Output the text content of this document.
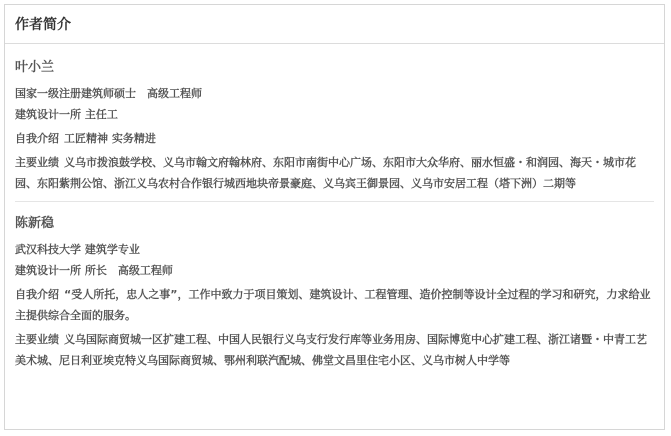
作者简介
叶小兰
国家一级注册建筑师硕士　高级工程师
建筑设计一所 主任工
自我介绍 工匠精神 实务精进
主要业绩 义乌市拨浪鼓学校、义乌市翰文府翰林府、东阳市南街中心广场、东阳市大众华府、丽水恒盛・和润园、海天・城市花园、东阳紫荆公馆、浙江义乌农村合作银行城西地块帝景豪庭、义乌宾王御景园、义乌市安居工程（塔下洲）二期等
陈新稳
武汉科技大学 建筑学专业
建筑设计一所 所长　高级工程师
自我介绍 “受人所托，忠人之事”，工作中致力于项目策划、建筑设计、工程管理、造价控制等设计全过程的学习和研究，力求给业主提供综合全面的服务。
主要业绩 义乌国际商贸城一区扩建工程、中国人民银行义乌支行发行库等业务用房、国际博览中心扩建工程、浙江诸暨・中青工艺美术城、尼日利亚埃克特义乌国际商贸城、鄂州利联汽配城、佛堂文昌里住宅小区、义乌市树人中学等
